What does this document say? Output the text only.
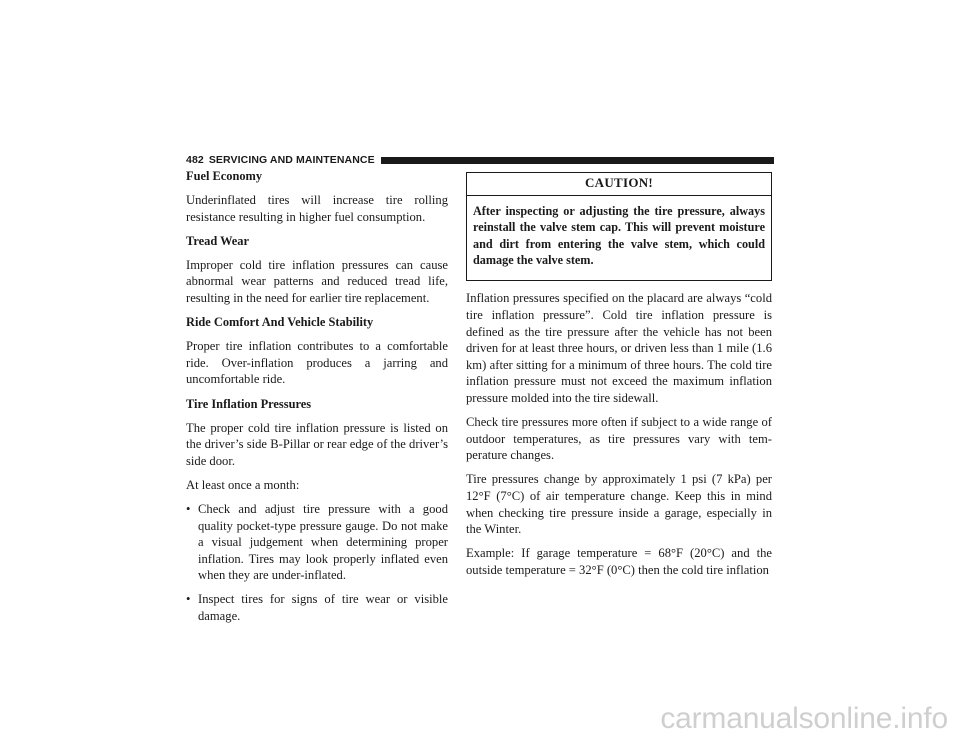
482 SERVICING AND MAINTENANCE
Fuel Economy

Underinflated tires will increase tire rolling resistance resulting in higher fuel consumption.

Tread Wear

Improper cold tire inflation pressures can cause abnormal wear patterns and reduced tread life, resulting in the need for earlier tire replacement.

Ride Comfort And Vehicle Stability

Proper tire inflation contributes to a comfortable ride. Over-inflation produces a jarring and uncomfortable ride.

Tire Inflation Pressures

The proper cold tire inflation pressure is listed on the driver’s side B-Pillar or rear edge of the driver’s side door.

At least once a month:

• Check and adjust tire pressure with a good quality pocket-type pressure gauge. Do not make a visual judgement when determining proper inflation. Tires may look properly inflated even when they are under-inflated.
• Inspect tires for signs of tire wear or visible damage.
CAUTION!

After inspecting or adjusting the tire pressure, always reinstall the valve stem cap. This will prevent moisture and dirt from entering the valve stem, which could damage the valve stem.

Inflation pressures specified on the placard are always “cold tire inflation pressure”. Cold tire inflation pressure is defined as the tire pressure after the vehicle has not been driven for at least three hours, or driven less than 1 mile (1.6 km) after sitting for a minimum of three hours. The cold tire inflation pressure must not exceed the maximum inflation pressure molded into the tire sidewall.

Check tire pressures more often if subject to a wide range of outdoor temperatures, as tire pressures vary with tem-perature changes.

Tire pressures change by approximately 1 psi (7 kPa) per 12°F (7°C) of air temperature change. Keep this in mind when checking tire pressure inside a garage, especially in the Winter.

Example: If garage temperature = 68°F (20°C) and the outside temperature = 32°F (0°C) then the cold tire inflation

carmanualsonline.info
